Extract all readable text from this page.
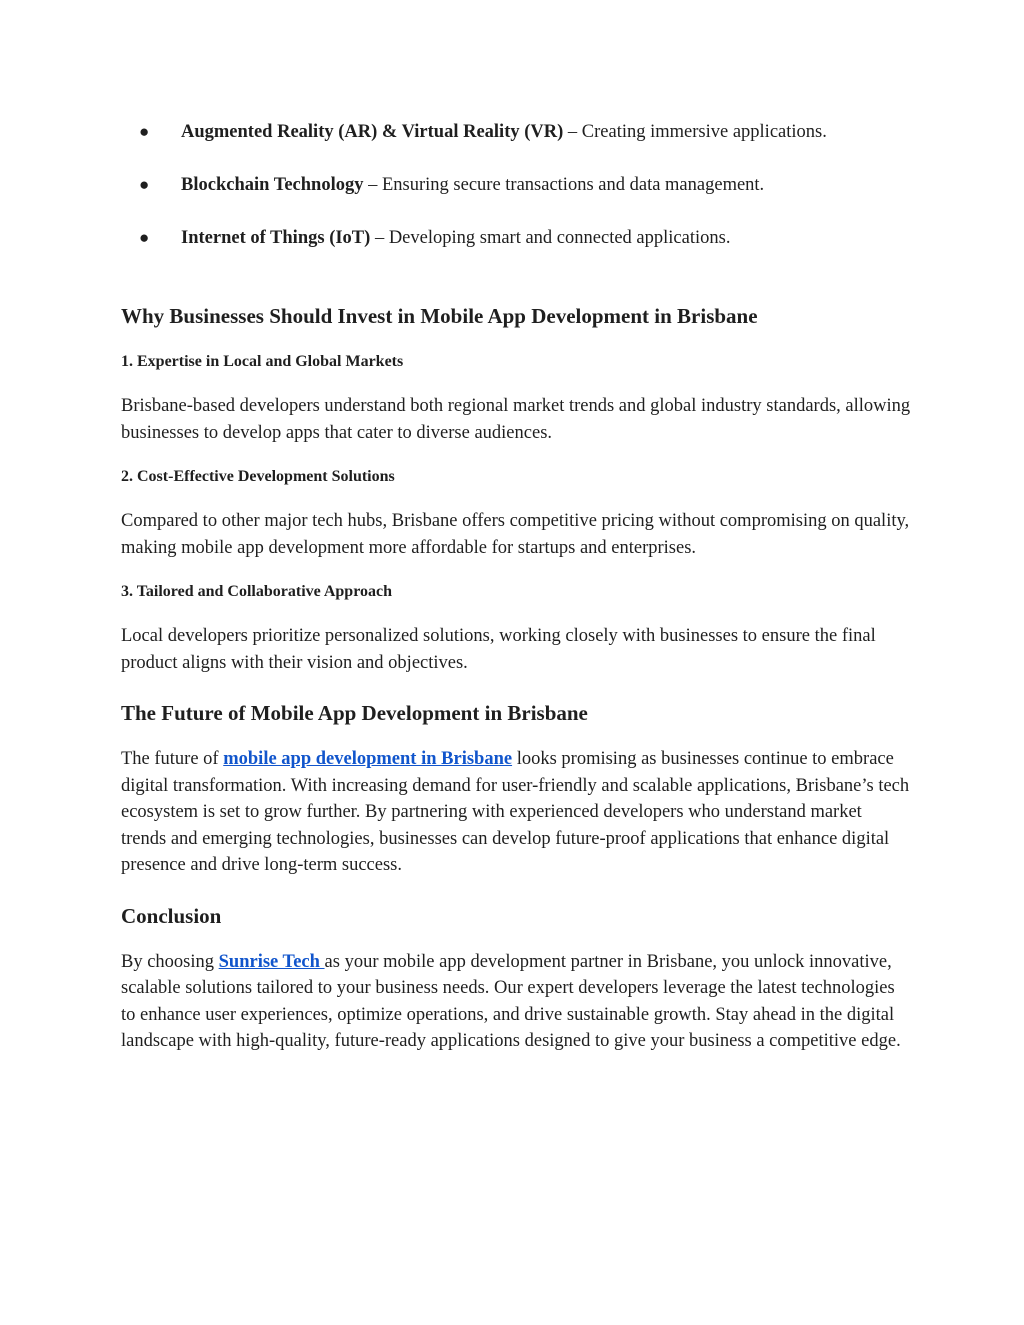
● Augmented Reality (AR) & Virtual Reality (VR) – Creating immersive applications.
● Blockchain Technology – Ensuring secure transactions and data management.
● Internet of Things (IoT) – Developing smart and connected applications.
Why Businesses Should Invest in Mobile App Development in Brisbane
1. Expertise in Local and Global Markets

Brisbane-based developers understand both regional market trends and global industry standards, allowing businesses to develop apps that cater to diverse audiences.

2. Cost-Effective Development Solutions

Compared to other major tech hubs, Brisbane offers competitive pricing without compromising on quality, making mobile app development more affordable for startups and enterprises.

3. Tailored and Collaborative Approach

Local developers prioritize personalized solutions, working closely with businesses to ensure the final product aligns with their vision and objectives.

The Future of Mobile App Development in Brisbane

The future of mobile app development in Brisbane looks promising as businesses continue to embrace digital transformation. With increasing demand for user-friendly and scalable applications, Brisbane’s tech ecosystem is set to grow further. By partnering with experienced developers who understand market trends and emerging technologies, businesses can develop future-proof applications that enhance digital presence and drive long-term success.

Conclusion

By choosing Sunrise Tech as your mobile app development partner in Brisbane, you unlock innovative, scalable solutions tailored to your business needs. Our expert developers leverage the latest technologies to enhance user experiences, optimize operations, and drive sustainable growth. Stay ahead in the digital landscape with high-quality, future-ready applications designed to give your business a competitive edge.
